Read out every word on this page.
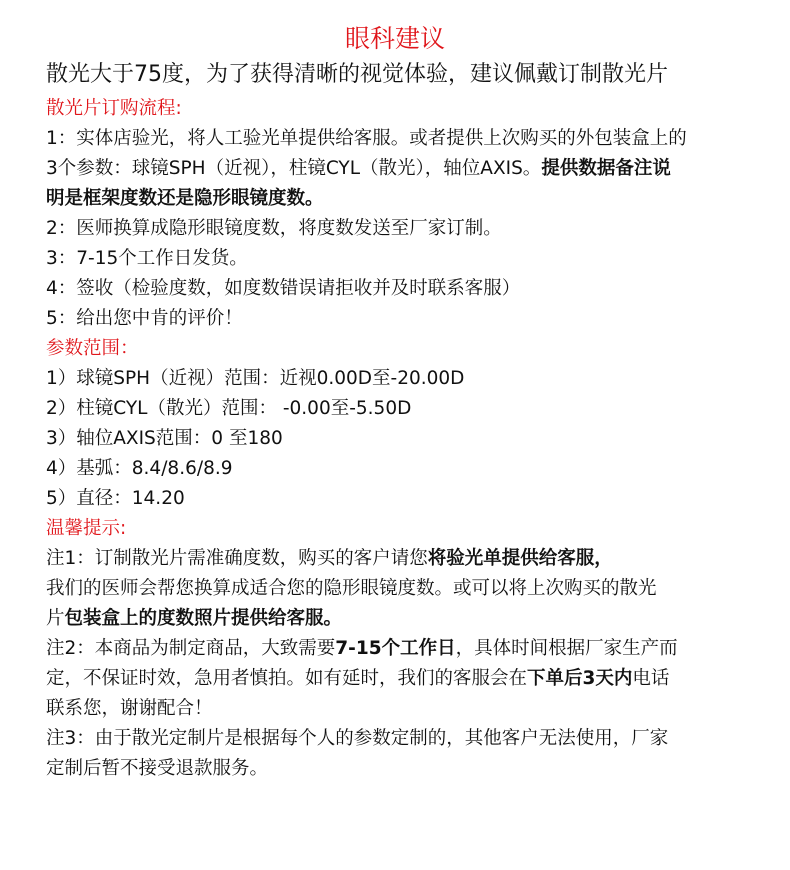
眼科建议
散光大于75度，为了获得清晰的视觉体验，建议佩戴订制散光片
散光片订购流程:
1：实体店验光，将人工验光单提供给客服。或者提供上次购买的外包装盒上的
3个参数：球镜SPH（近视），柱镜CYL（散光），轴位AXIS。提供数据备注说
明是框架度数还是隐形眼镜度数。
2：医师换算成隐形眼镜度数，将度数发送至厂家订制。
3：7-15个工作日发货。
4：签收（检验度数，如度数错误请拒收并及时联系客服）
5：给出您中肯的评价！
参数范围：
1）球镜SPH（近视）范围：近视0.00D至-20.00D
2）柱镜CYL（散光）范围： -0.00至-5.50D
3）轴位AXIS范围：0 至180
4）基弧：8.4/8.6/8.9
5）直径：14.20
温馨提示:
注1：订制散光片需准确度数，购买的客户请您将验光单提供给客服，
我们的医师会帮您换算成适合您的隐形眼镜度数。或可以将上次购买的散光
片包装盒上的度数照片提供给客服。
注2：本商品为制定商品，大致需要7-15个工作日，具体时间根据厂家生产而
定，不保证时效，急用者慎拍。如有延时，我们的客服会在下单后3天内电话
联系您，谢谢配合！
注3：由于散光定制片是根据每个人的参数定制的，其他客户无法使用，厂家
定制后暂不接受退款服务。
